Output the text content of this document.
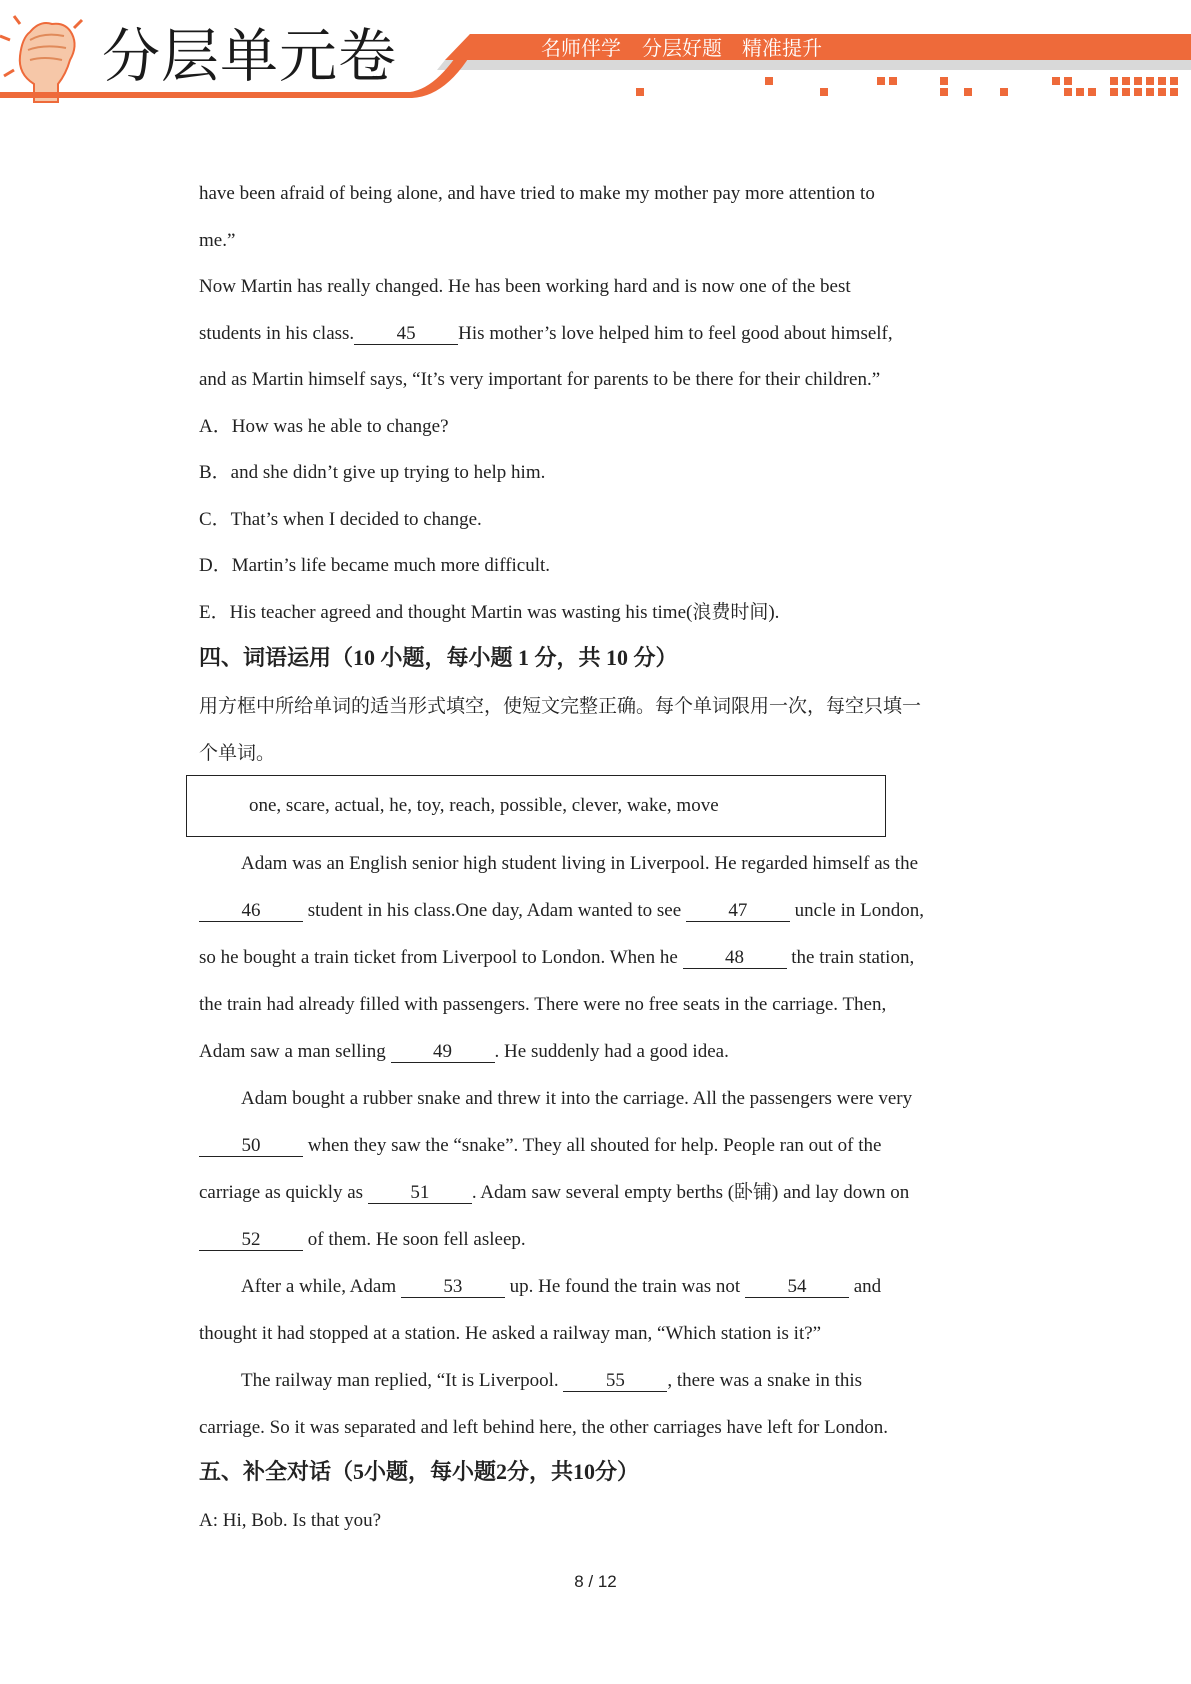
分层单元卷	名师伴学 分层好题 精准提升
have been afraid of being alone, and have tried to make my mother pay more attention to
me.”
Now Martin has really changed. He has been working hard and is now one of the best
students in his class. 45 His mother’s love helped him to feel good about himself,
and as Martin himself says, “It’s very important for parents to be there for their children.”
A．How was he able to change?
B．and she didn’t give up trying to help him.
C．That’s when I decided to change.
D．Martin’s life became much more difficult.
E．His teacher agreed and thought Martin was wasting his time(浪费时间).
四、词语运用（10 小题，每小题 1 分，共 10 分）
用方框中所给单词的适当形式填空，使短文完整正确。每个单词限用一次，每空只填一
个单词。
one, scare, actual, he, toy, reach, possible, clever, wake, move
Adam was an English senior high student living in Liverpool. He regarded himself as the
46 student in his class.One day, Adam wanted to see 47 uncle in London,
so he bought a train ticket from Liverpool to London. When he 48 the train station,
the train had already filled with passengers. There were no free seats in the carriage. Then,
Adam saw a man selling 49 . He suddenly had a good idea.
Adam bought a rubber snake and threw it into the carriage. All the passengers were very
50 when they saw the “snake”. They all shouted for help. People ran out of the
carriage as quickly as 51 . Adam saw several empty berths (卧铺) and lay down on
52 of them. He soon fell asleep.
After a while, Adam 53 up. He found the train was not 54 and
thought it had stopped at a station. He asked a railway man, “Which station is it?”
The railway man replied, “It is Liverpool. 55 , there was a snake in this
carriage. So it was separated and left behind here, the other carriages have left for London.
五、补全对话（5小题，每小题2分，共10分）
A: Hi, Bob. Is that you?
8 / 12
